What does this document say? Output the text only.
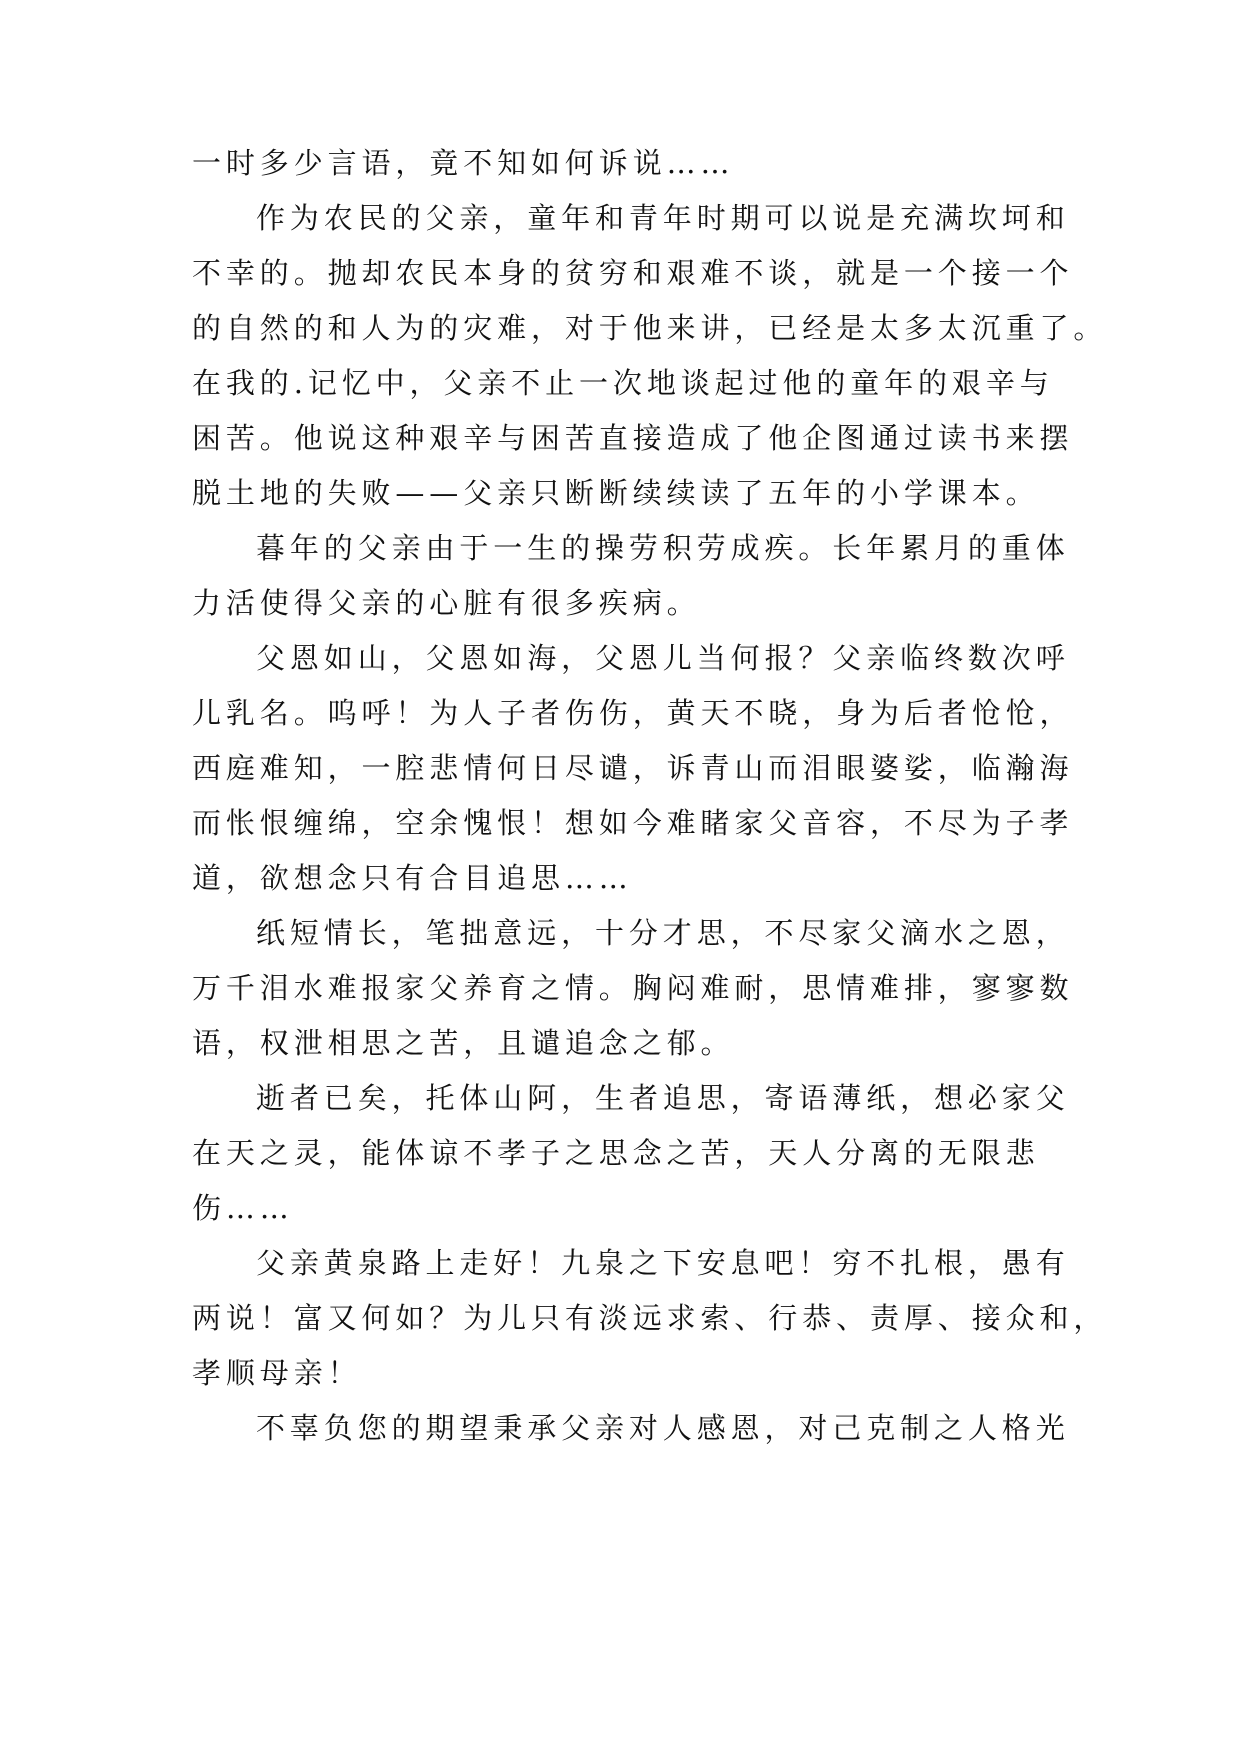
一时多少言语，竟不知如何诉说……
作为农民的父亲，童年和青年时期可以说是充满坎坷和
不幸的。抛却农民本身的贫穷和艰难不谈，就是一个接一个
的自然的和人为的灾难，对于他来讲，已经是太多太沉重了。
在我的.记忆中，父亲不止一次地谈起过他的童年的艰辛与
困苦。他说这种艰辛与困苦直接造成了他企图通过读书来摆
脱土地的失败——父亲只断断续续读了五年的小学课本。
暮年的父亲由于一生的操劳积劳成疾。长年累月的重体
力活使得父亲的心脏有很多疾病。
父恩如山，父恩如海，父恩儿当何报？父亲临终数次呼
儿乳名。呜呼！为人子者伤伤，黄天不晓，身为后者怆怆，
西庭难知，一腔悲情何日尽谴，诉青山而泪眼婆娑，临瀚海
而怅恨缠绵，空余愧恨！想如今难睹家父音容，不尽为子孝
道，欲想念只有合目追思……
纸短情长，笔拙意远，十分才思，不尽家父滴水之恩，
万千泪水难报家父养育之情。胸闷难耐，思情难排，寥寥数
语，权泄相思之苦，且谴追念之郁。
逝者已矣，托体山阿，生者追思，寄语薄纸，想必家父
在天之灵，能体谅不孝子之思念之苦，天人分离的无限悲
伤……
父亲黄泉路上走好！九泉之下安息吧！穷不扎根，愚有
两说！富又何如？为儿只有淡远求索、行恭、责厚、接众和，
孝顺母亲！
不辜负您的期望秉承父亲对人感恩，对己克制之人格光
